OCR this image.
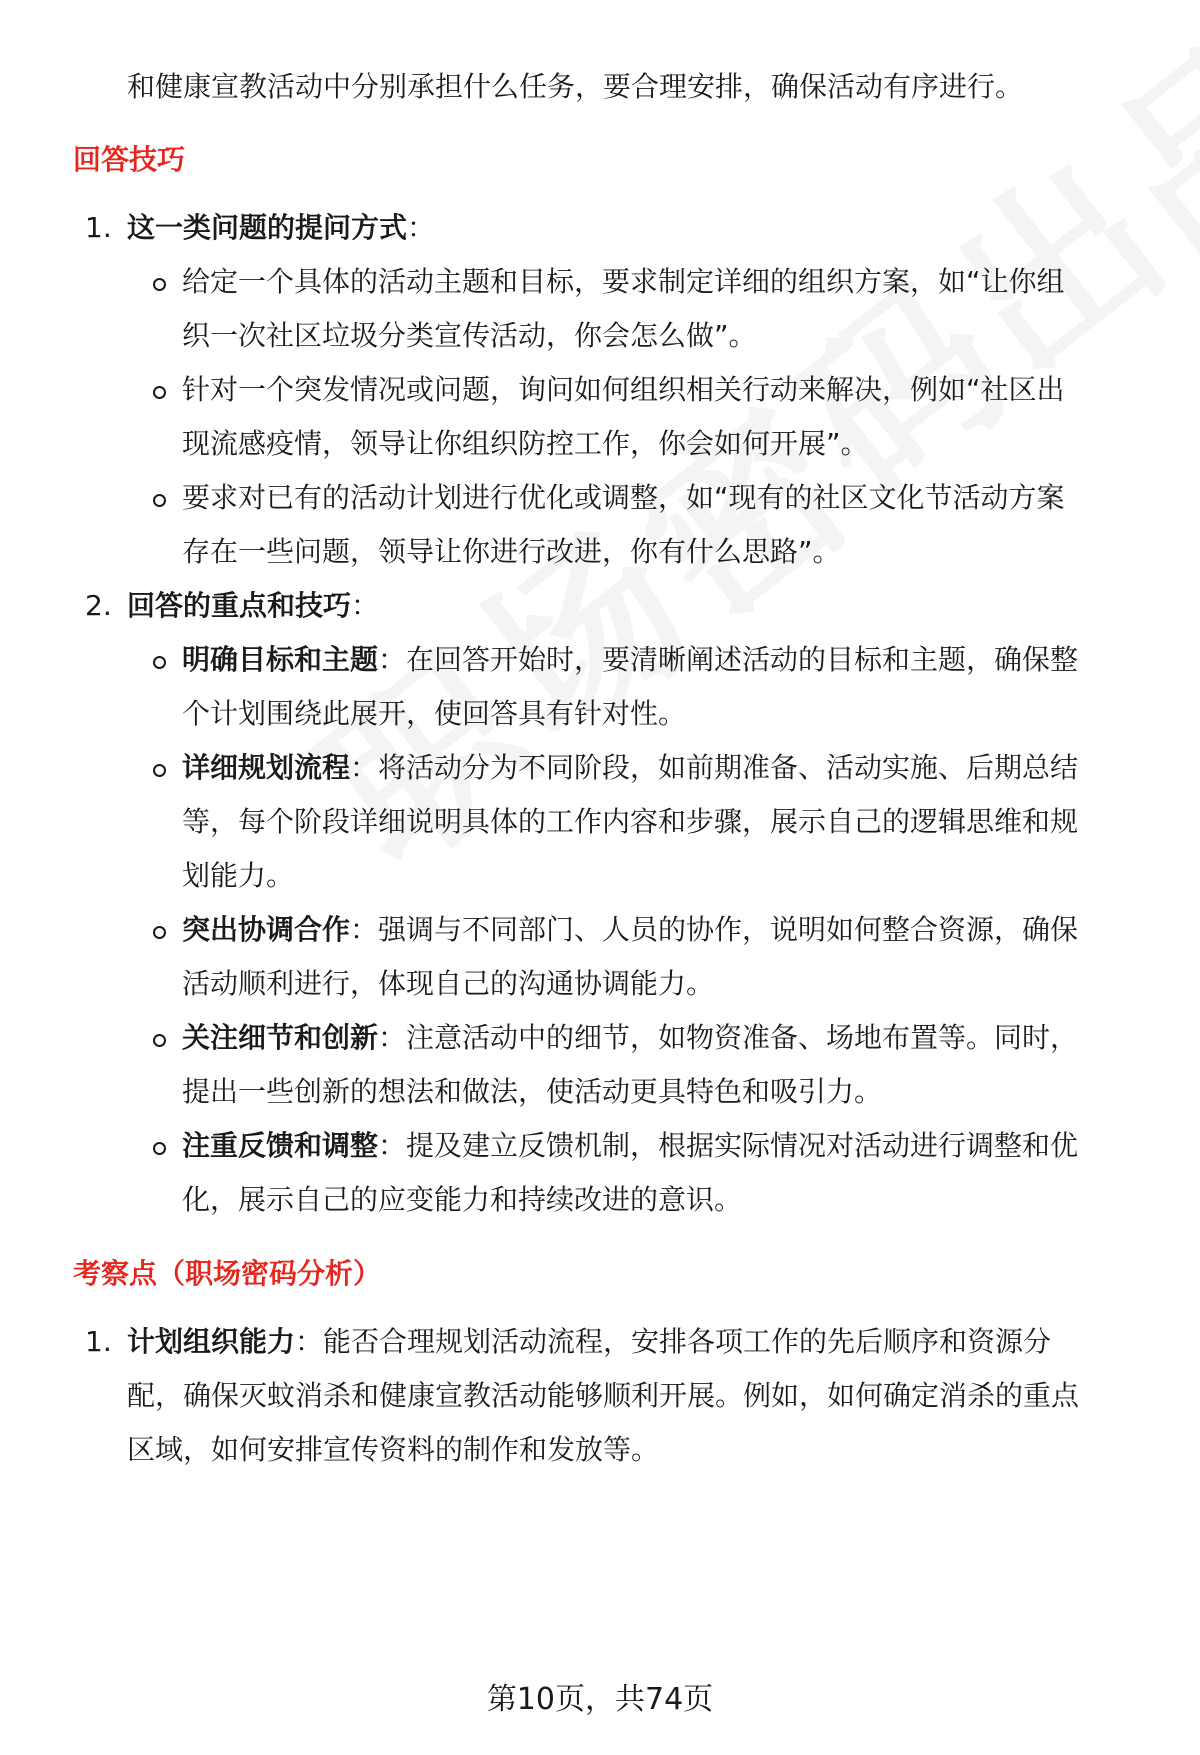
和健康宣教活动中分别承担什么任务，要合理安排，确保活动有序进行。
回答技巧
1. 这一类问题的提问方式：
给定一个具体的活动主题和目标，要求制定详细的组织方案，如“让你组
织一次社区垃圾分类宣传活动，你会怎么做”。
针对一个突发情况或问题，询问如何组织相关行动来解决，例如“社区出
现流感疫情，领导让你组织防控工作，你会如何开展”。
要求对已有的活动计划进行优化或调整，如“现有的社区文化节活动方案
存在一些问题，领导让你进行改进，你有什么思路”。
2. 回答的重点和技巧：
明确目标和主题：在回答开始时，要清晰阐述活动的目标和主题，确保整
个计划围绕此展开，使回答具有针对性。
详细规划流程：将活动分为不同阶段，如前期准备、活动实施、后期总结
等，每个阶段详细说明具体的工作内容和步骤，展示自己的逻辑思维和规
划能力。
突出协调合作：强调与不同部门、人员的协作，说明如何整合资源，确保
活动顺利进行，体现自己的沟通协调能力。
关注细节和创新：注意活动中的细节，如物资准备、场地布置等。同时，
提出一些创新的想法和做法，使活动更具特色和吸引力。
注重反馈和调整：提及建立反馈机制，根据实际情况对活动进行调整和优
化，展示自己的应变能力和持续改进的意识。
考察点（职场密码分析）
1. 计划组织能力：能否合理规划活动流程，安排各项工作的先后顺序和资源分
配，确保灭蚊消杀和健康宣教活动能够顺利开展。例如，如何确定消杀的重点
区域，如何安排宣传资料的制作和发放等。
第10页，共74页
